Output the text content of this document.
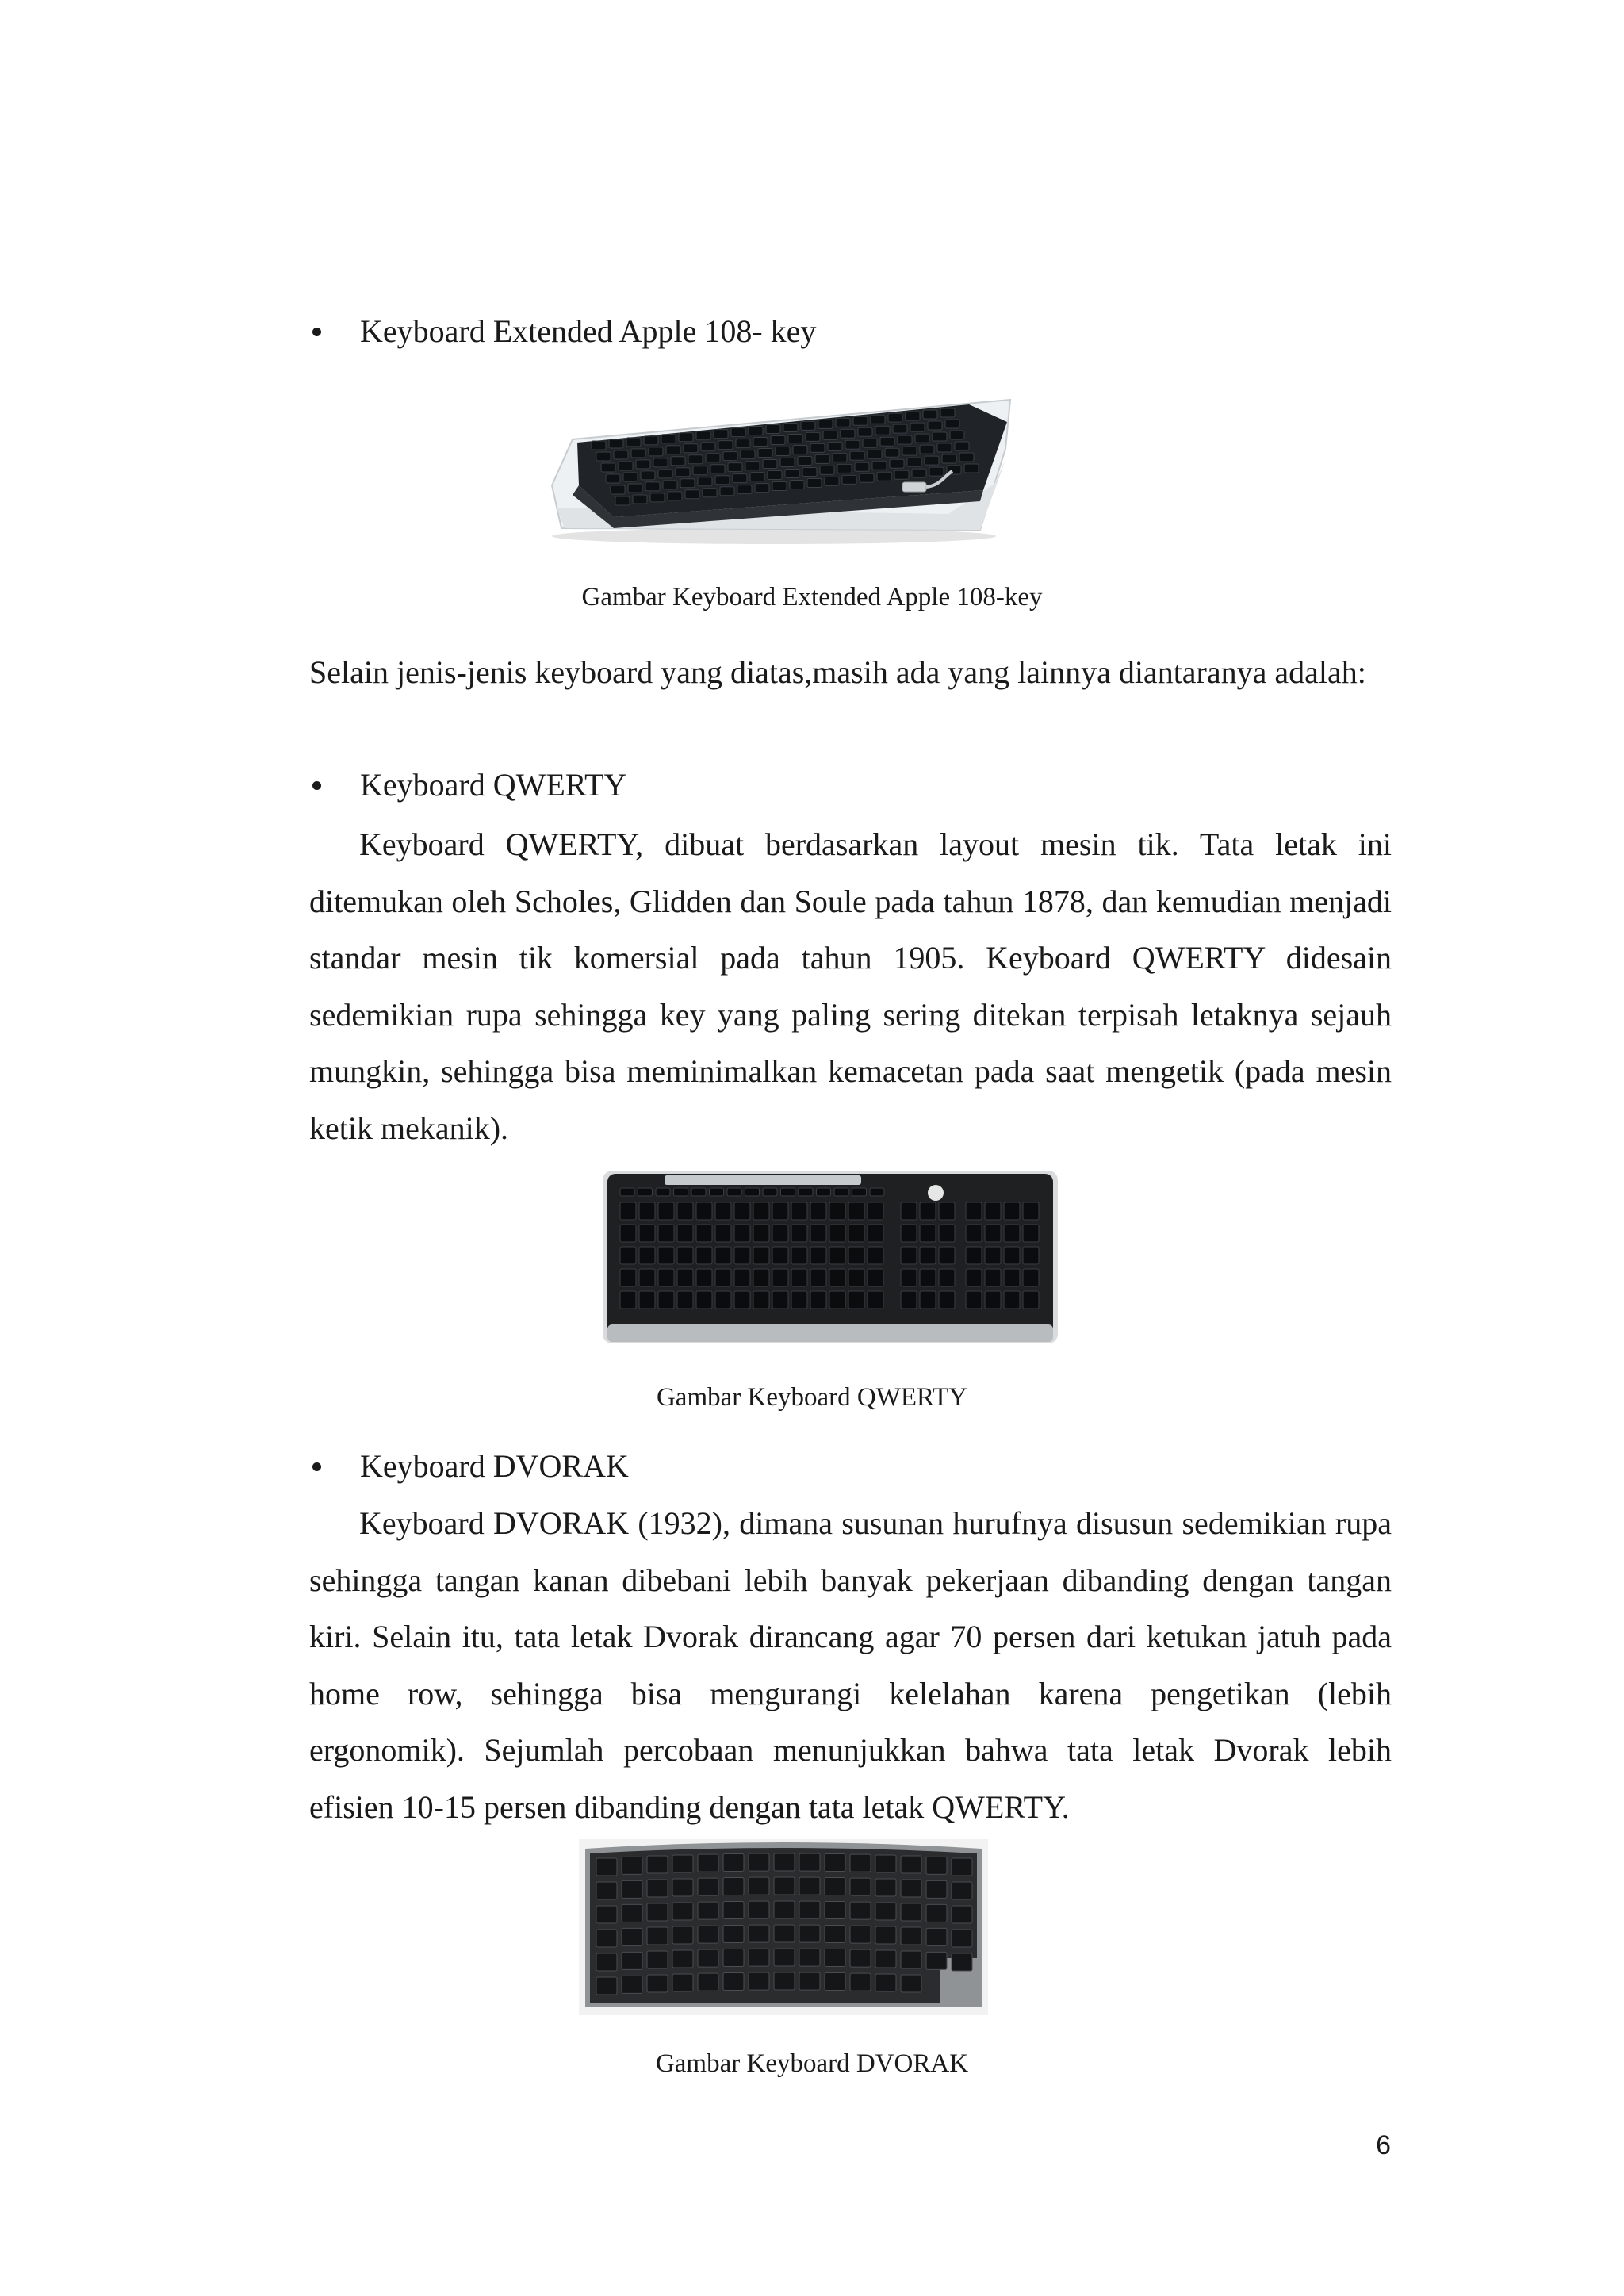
Keyboard Extended Apple 108- key
Gambar Keyboard Extended Apple 108-key

Selain jenis-jenis keyboard yang diatas,masih ada yang lainnya diantaranya adalah:

Keyboard QWERTY

Keyboard QWERTY, dibuat berdasarkan layout mesin tik. Tata letak ini ditemukan oleh Scholes, Glidden dan Soule pada tahun 1878, dan kemudian menjadi standar mesin tik komersial pada tahun 1905. Keyboard QWERTY didesain sedemikian rupa sehingga key yang paling sering ditekan terpisah letaknya sejauh mungkin, sehingga bisa meminimalkan kemacetan pada saat mengetik (pada mesin ketik mekanik).

Gambar Keyboard QWERTY
Keyboard DVORAK

Keyboard DVORAK (1932), dimana susunan hurufnya disusun sedemikian rupa sehingga tangan kanan dibebani lebih banyak pekerjaan dibanding dengan tangan kiri. Selain itu, tata letak Dvorak dirancang agar 70 persen dari ketukan jatuh pada home row, sehingga bisa mengurangi kelelahan karena pengetikan (lebih ergonomik). Sejumlah percobaan menunjukkan bahwa tata letak Dvorak lebih efisien 10-15 persen dibanding dengan tata letak QWERTY.

Gambar Keyboard DVORAK
6
